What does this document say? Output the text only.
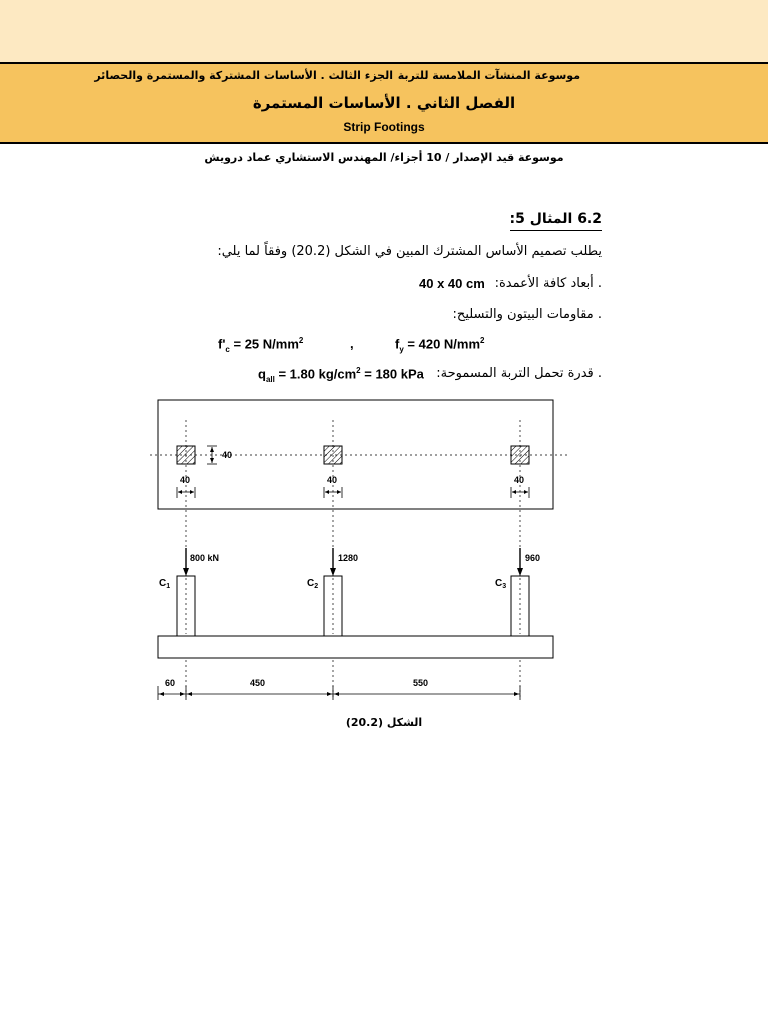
موسوعة المنشآت الملامسة للتربة
الجزء الثالث . الأساسات المشتركة والمستمرة والحصائر
الفصل الثاني . الأساسات المستمرة
Strip Footings
موسوعة قيد الإصدار / 10 أجزاء/ المهندس الاستشاري عماد درويش
6.2 المثال 5:
يطلب تصميم الأساس المشترك المبين في الشكل (20.2) وفقاً لما يلي:
. أبعاد كافة الأعمدة:
40 x 40 cm
. مقاومات البيتون والتسليح:
$f'_c = 25$ $N/mm^2$	,	$f_y = 420$ $N/mm^2$
. قدرة تحمل التربة المسموحة:
$q_{all} = 1.80$ $kg/cm^2 = 180$ kPa
40
40	40	40
800 kN	1280	960
$C_1$	$C_2$	$C_3$
60	450	550
الشكل (20.2)
